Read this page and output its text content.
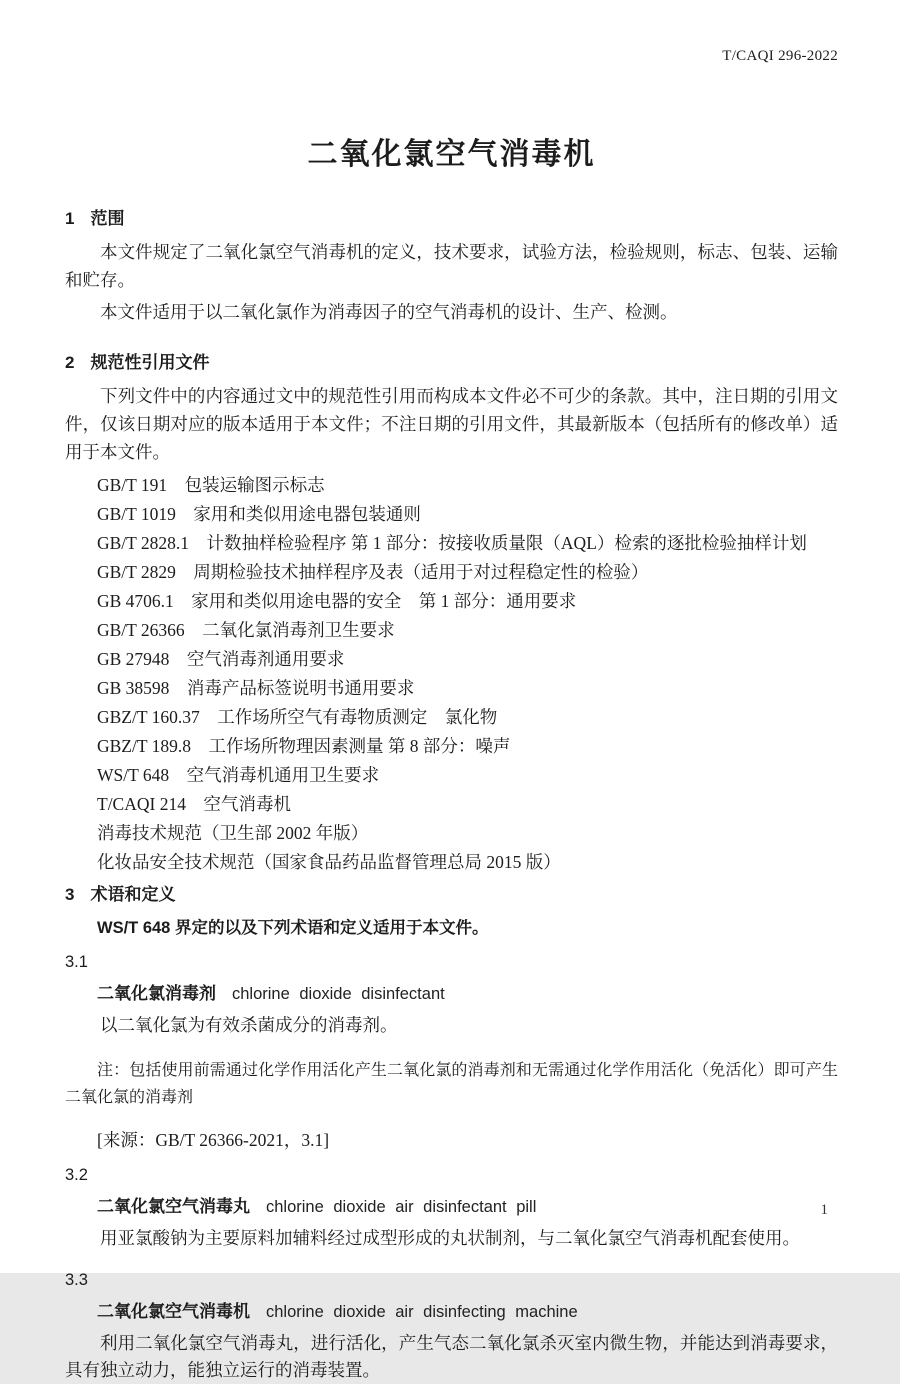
T/CAQI 296-2022
二氧化氯空气消毒机
1 范围

本文件规定了二氧化氯空气消毒机的定义，技术要求，试验方法，检验规则，标志、包装、运输和贮存。

本文件适用于以二氧化氯作为消毒因子的空气消毒机的设计、生产、检测。

2 规范性引用文件

下列文件中的内容通过文中的规范性引用而构成本文件必不可少的条款。其中，注日期的引用文件，仅该日期对应的版本适用于本文件；不注日期的引用文件，其最新版本（包括所有的修改单）适用于本文件。

GB/T 191　包装运输图示标志
GB/T 1019　家用和类似用途电器包装通则
GB/T 2828.1　计数抽样检验程序 第 1 部分：按接收质量限（AQL）检索的逐批检验抽样计划
GB/T 2829　周期检验技术抽样程序及表（适用于对过程稳定性的检验）
GB 4706.1　家用和类似用途电器的安全　第 1 部分：通用要求
GB/T 26366　二氧化氯消毒剂卫生要求
GB 27948　空气消毒剂通用要求
GB 38598　消毒产品标签说明书通用要求
GBZ/T 160.37　工作场所空气有毒物质测定　氯化物
GBZ/T 189.8　工作场所物理因素测量 第 8 部分：噪声
WS/T 648　空气消毒机通用卫生要求
T/CAQI 214　空气消毒机
消毒技术规范（卫生部 2002 年版）
化妆品安全技术规范（国家食品药品监督管理总局 2015 版）
3 术语和定义
WS/T 648 界定的以及下列术语和定义适用于本文件。
3.1
二氧化氯消毒剂 chlorine dioxide disinfectant

以二氧化氯为有效杀菌成分的消毒剂。

注：包括使用前需通过化学作用活化产生二氧化氯的消毒剂和无需通过化学作用活化（免活化）即可产生二氧化氯的消毒剂

[来源：GB/T 26366-2021，3.1]
3.2
二氧化氯空气消毒丸 chlorine dioxide air disinfectant pill

用亚氯酸钠为主要原料加辅料经过成型形成的丸状制剂，与二氧化氯空气消毒机配套使用。

3.3
二氧化氯空气消毒机 chlorine dioxide air disinfecting machine

利用二氧化氯空气消毒丸，进行活化，产生气态二氧化氯杀灭室内微生物，并能达到消毒要求，具有独立动力，能独立运行的消毒装置。

1
